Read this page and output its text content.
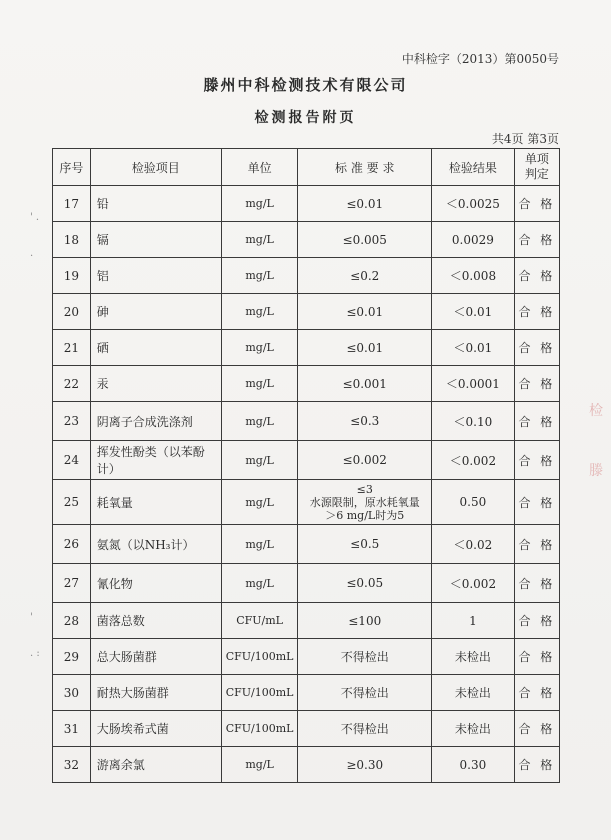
中科检字（2013）第0050号
滕州中科检测技术有限公司
检测报告附页
共4页 第3页
序号	检验项目	单位	标 准 要 求	检验结果	单项
判定

17	铅	mg/L	≤0.01	＜0.0025	合 格
18	镉	mg/L	≤0.005	0.0029	合 格
19	铝	mg/L	≤0.2	＜0.008	合 格
20	砷	mg/L	≤0.01	＜0.01	合 格
21	硒	mg/L	≤0.01	＜0.01	合 格
22	汞	mg/L	≤0.001	＜0.0001	合 格
23	阴离子合成洗涤剂	mg/L	≤0.3	＜0.10	合 格
24	挥发性酚类（以苯酚计）	mg/L	≤0.002	＜0.002	合 格
25	耗氧量	mg/L	≤3
水源限制，原水耗氧量
＞6 mg/L时为5	0.50	合 格
26	氨氮（以NH₃计）	mg/L	≤0.5	＜0.02	合 格
27	氰化物	mg/L	≤0.05	＜0.002	合 格
28	菌落总数	CFU/mL	≤100	1	合 格
29	总大肠菌群	CFU/100mL	不得检出	未检出	合 格
30	耐热大肠菌群	CFU/100mL	不得检出	未检出	合 格
31	大肠埃希式菌	CFU/100mL	不得检出	未检出	合 格
32	游离余氯	mg/L	≥0.30	0.30	合 格
检
滕
' .
.
'
. :
